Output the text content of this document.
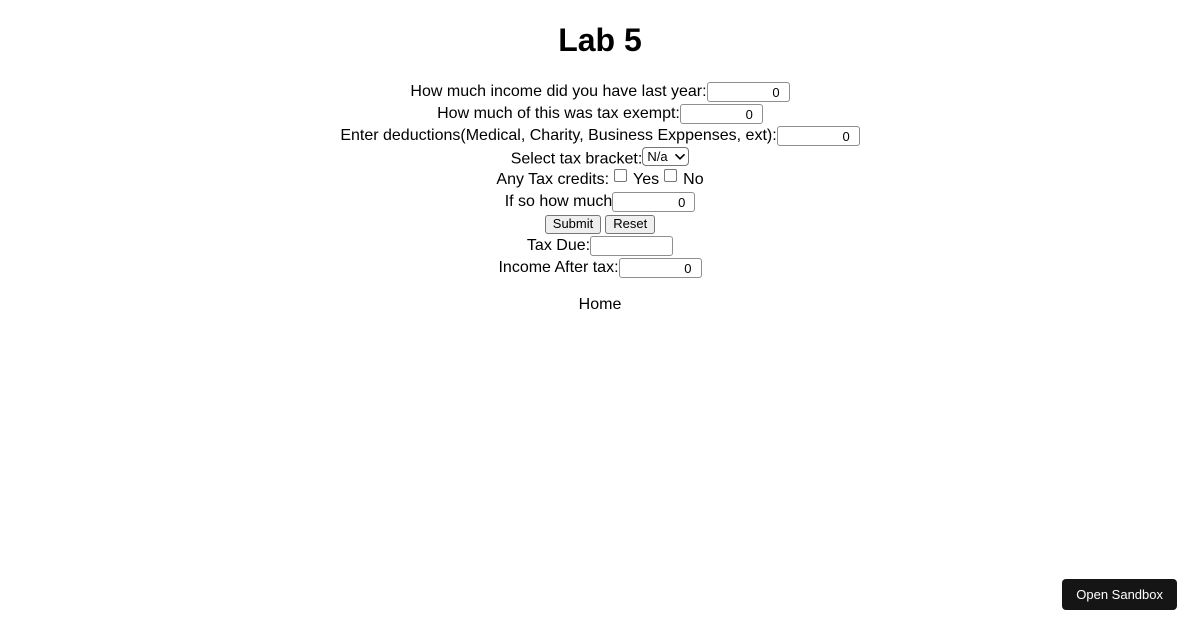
Lab 5
How much income did you have last year:0
How much of this was tax exempt:0
Enter deductions(Medical, Charity, Business Exppenses, ext):0
Select tax bracket:
N/a
Any Tax credits: Yes No
If so how much0
Submit Reset
Tax Due:
Income After tax:0

Home

Open Sandbox
